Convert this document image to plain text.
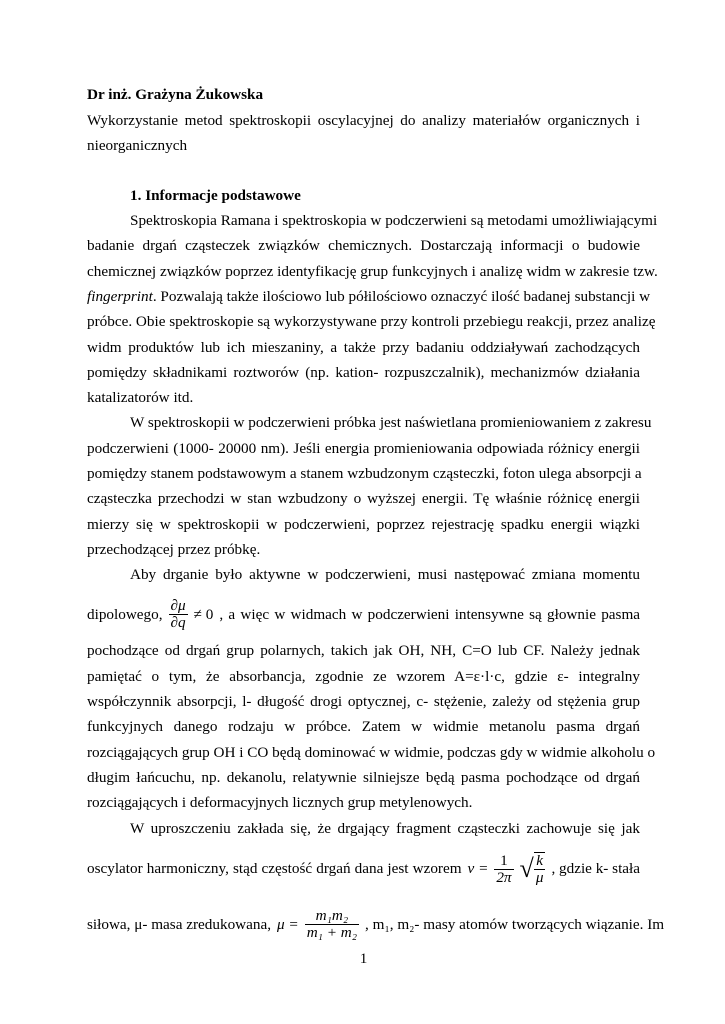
Dr inż. Grażyna Żukowska
Wykorzystanie metod spektroskopii oscylacyjnej do analizy materiałów organicznych i
nieorganicznych
1. Informacje podstawowe
Spektroskopia Ramana i spektroskopia w podczerwieni są metodami umożliwiającymi
badanie drgań cząsteczek związków chemicznych. Dostarczają informacji o budowie
chemicznej związków poprzez identyfikację grup funkcyjnych i analizę widm w zakresie tzw.
fingerprint. Pozwalają także ilościowo lub półilościowo oznaczyć ilość badanej substancji w
próbce. Obie spektroskopie są wykorzystywane przy kontroli przebiegu reakcji, przez analizę
widm produktów lub ich mieszaniny, a także przy badaniu oddziaływań zachodzących
pomiędzy składnikami roztworów (np. kation- rozpuszczalnik), mechanizmów działania
katalizatorów itd.
W spektroskopii w podczerwieni próbka jest naświetlana promieniowaniem z zakresu
podczerwieni (1000- 20000 nm). Jeśli energia promieniowania odpowiada różnicy energii
pomiędzy stanem podstawowym a stanem wzbudzonym cząsteczki, foton ulega absorpcji a
cząsteczka przechodzi w stan wzbudzony o wyższej energii. Tę właśnie różnicę energii
mierzy się w spektroskopii w podczerwieni, poprzez rejestrację spadku energii wiązki
przechodzącej przez próbkę.
Aby drganie było aktywne w podczerwieni, musi następować zmiana momentu
dipolowego, $\frac{\partial\mu}{\partial q} \ne 0$ , a więc w widmach w podczerwieni intensywne są głownie pasma
pochodzące od drgań grup polarnych, takich jak OH, NH, C=O lub CF. Należy jednak
pamiętać o tym, że absorbancja, zgodnie ze wzorem A=ε·l·c, gdzie ε- integralny
współczynnik absorpcji, l- długość drogi optycznej, c- stężenie, zależy od stężenia grup
funkcyjnych danego rodzaju w próbce. Zatem w widmie metanolu pasma drgań
rozciągających grup OH i CO będą dominować w widmie, podczas gdy w widmie alkoholu o
długim łańcuchu, np. dekanolu, relatywnie silniejsze będą pasma pochodzące od drgań
rozciągających i deformacyjnych licznych grup metylenowych.
W uproszczeniu zakłada się, że drgający fragment cząsteczki zachowuje się jak
oscylator harmoniczny, stąd częstość drgań dana jest wzorem $\nu = \frac{1}{2\pi}$ √ $\frac{k}{\mu}$ , gdzie k- stała
siłowa, μ- masa zredukowana, $\mu = \frac{\text{m₁m₂}}{\text{m₁ + m₂}}$ , m₁, m₂- masy atomów tworzących wiązanie. Im
1
